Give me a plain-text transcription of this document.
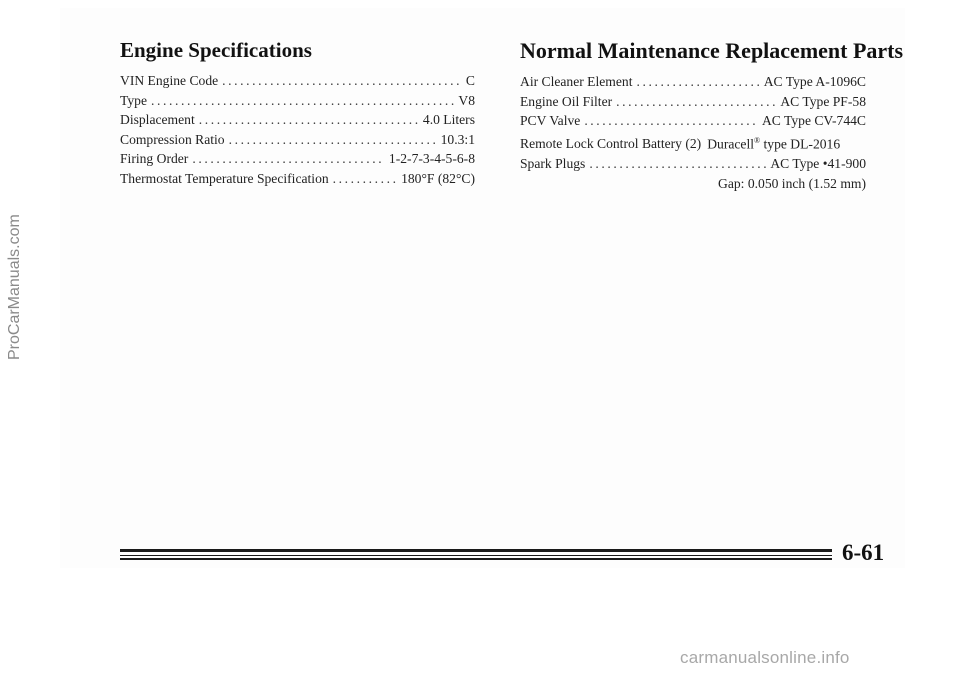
Engine Specifications
VIN Engine Code .....	C
Type .....	V8
Displacement .....	4.0 Liters
Compression Ratio .....	10.3:1
Firing Order .....	1-2-7-3-4-5-6-8
Thermostat Temperature Specification .....	180°F (82°C)
Normal Maintenance Replacement Parts
Air Cleaner Element .....	AC Type A-1096C
Engine Oil Filter .....	AC Type PF-58
PCV Valve .....	AC Type CV-744C
Remote Lock Control Battery (2) Duracell® type DL-2016
Spark Plugs .....	AC Type •41-900
Gap: 0.050 inch (1.52 mm)
6-61
ProCarManuals.com
carmanualsonline.info
